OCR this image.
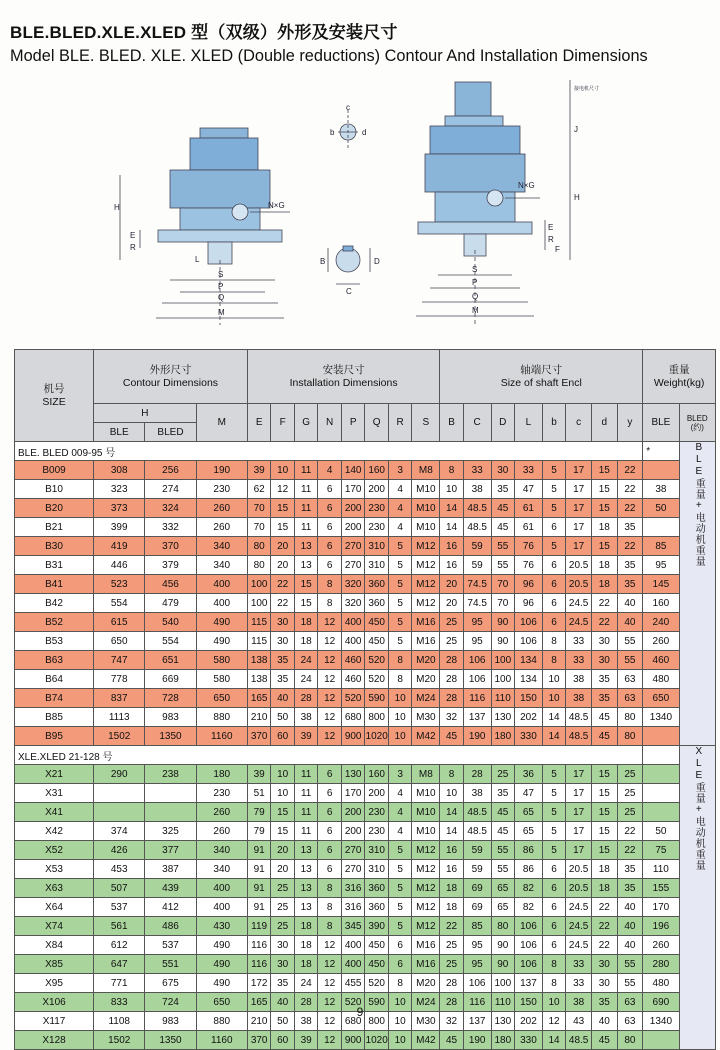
BLE.BLED.XLE.XLED 型（双级）外形及安装尺寸
Model BLE. BLED. XLE. XLED (Double reductions) Contour And Installation Dimensions
H
E
R
N×G
L
S
Q
P
M
c
d
b
B
C
D
接电机尺寸
J
H
N×G
E
R
F
S
Q
P
M
机号
SIZE	外形尺寸
Contour Dimensions			安装尺寸
Installation Dimensions								轴端尺寸
Size of shaft Encl								重量
Weight(kg)	
	H		M	E	F	G	N	P	Q	R	S	B	C	D	L	b	c	d	y	BLE	BLED
(约)
	BLE	BLED																			
BLE. BLED 009-95 号																				*	BLE重量+电动机重量
B009	308	256	190	39	10	11	4	140	160	3	M8	8	33	30	33	5	17	15	22		
B10	323	274	230	62	12	11	6	170	200	4	M10	10	38	35	47	5	17	15	22	38	
B20	373	324	260	70	15	11	6	200	230	4	M10	14	48.5	45	61	5	17	15	22	50	
B21	399	332	260	70	15	11	6	200	230	4	M10	14	48.5	45	61	6	17	18	35		
B30	419	370	340	80	20	13	6	270	310	5	M12	16	59	55	76	5	17	15	22	85	
B31	446	379	340	80	20	13	6	270	310	5	M12	16	59	55	76	6	20.5	18	35	95	
B41	523	456	400	100	22	15	8	320	360	5	M12	20	74.5	70	96	6	20.5	18	35	145	
B42	554	479	400	100	22	15	8	320	360	5	M12	20	74.5	70	96	6	24.5	22	40	160	
B52	615	540	490	115	30	18	12	400	450	5	M16	25	95	90	106	6	24.5	22	40	240	
B53	650	554	490	115	30	18	12	400	450	5	M16	25	95	90	106	8	33	30	55	260	
B63	747	651	580	138	35	24	12	460	520	8	M20	28	106	100	134	8	33	30	55	460	
B64	778	669	580	138	35	24	12	460	520	8	M20	28	106	100	134	10	38	35	63	480	
B74	837	728	650	165	40	28	12	520	590	10	M24	28	116	110	150	10	38	35	63	650	
B85	1113	983	880	210	50	38	12	680	800	10	M30	32	137	130	202	14	48.5	45	80	1340	
B95	1502	1350	1160	370	60	39	12	900	1020	10	M42	45	190	180	330	14	48.5	45	80		
XLE.XLED 21-128 号																					XLE重量+电动机重量
X21	290	238	180	39	10	11	6	130	160	3	M8	8	28	25	36	5	17	15	25		
X31			230	51	10	11	6	170	200	4	M10	10	38	35	47	5	17	15	25		
X41			260	79	15	11	6	200	230	4	M10	14	48.5	45	65	5	17	15	25		
X42	374	325	260	79	15	11	6	200	230	4	M10	14	48.5	45	65	5	17	15	22	50	
X52	426	377	340	91	20	13	6	270	310	5	M12	16	59	55	86	5	17	15	22	75	
X53	453	387	340	91	20	13	6	270	310	5	M12	16	59	55	86	6	20.5	18	35	110	
X63	507	439	400	91	25	13	8	316	360	5	M12	18	69	65	82	6	20.5	18	35	155	
X64	537	412	400	91	25	13	8	316	360	5	M12	18	69	65	82	6	24.5	22	40	170	
X74	561	486	430	119	25	18	8	345	390	5	M12	22	85	80	106	6	24.5	22	40	196	
X84	612	537	490	116	30	18	12	400	450	6	M16	25	95	90	106	6	24.5	22	40	260	
X85	647	551	490	116	30	18	12	400	450	6	M16	25	95	90	106	8	33	30	55	280	
X95	771	675	490	172	35	24	12	455	520	8	M20	28	106	100	137	8	33	30	55	480	
X106	833	724	650	165	40	28	12	520	590	10	M24	28	116	110	150	10	38	35	63	690	
X117	1108	983	880	210	50	38	12	680	800	10	M30	32	137	130	202	12	43	40	63	1340	
X128	1502	1350	1160	370	60	39	12	900	1020	10	M42	45	190	180	330	14	48.5	45	80		
9
